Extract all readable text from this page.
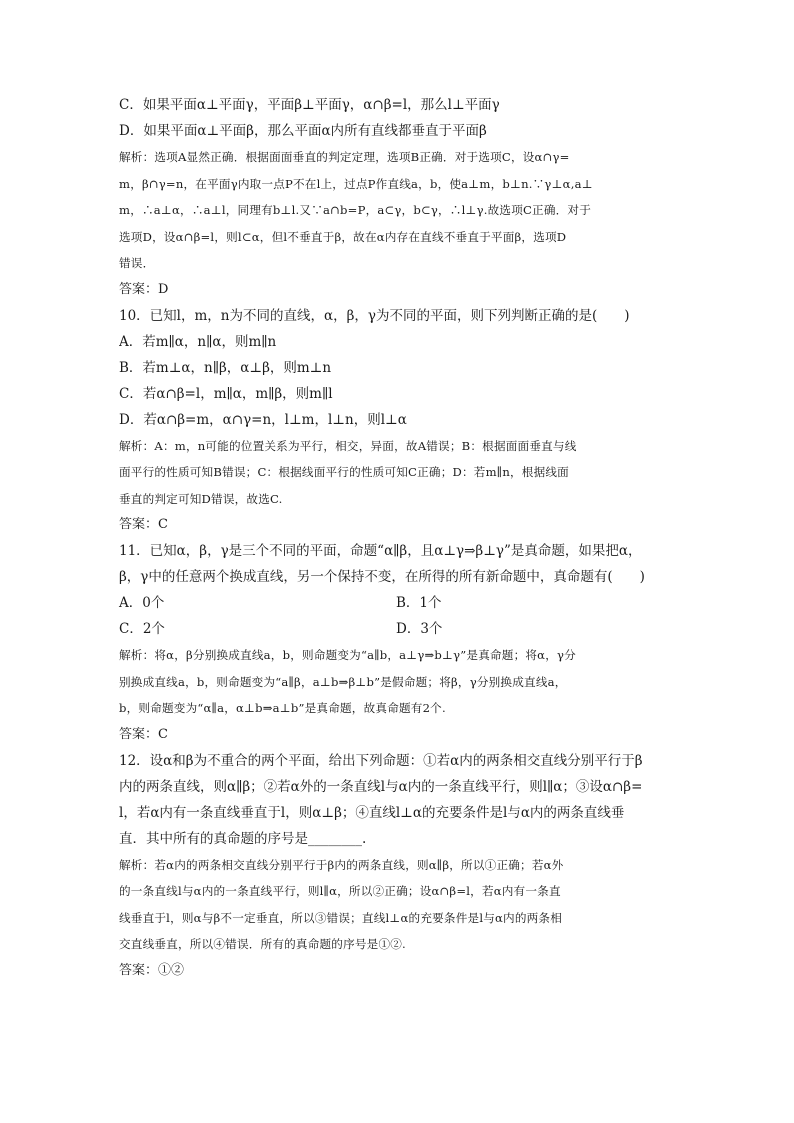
C．如果平面α⊥平面γ，平面β⊥平面γ，α∩β=l，那么l⊥平面γ
D．如果平面α⊥平面β，那么平面α内所有直线都垂直于平面β
解析：选项A显然正确．根据面面垂直的判定定理，选项B正确．对于选项C，设α∩γ=
m，β∩γ=n，在平面γ内取一点P不在l上，过点P作直线a，b，使a⊥m，b⊥n.∵γ⊥α,a⊥
m，∴a⊥α，∴a⊥l，同理有b⊥l.又∵a∩b=P，a⊂γ，b⊂γ，∴l⊥γ.故选项C正确．对于
选项D，设α∩β=l，则l⊂α，但l不垂直于β，故在α内存在直线不垂直于平面β，选项D
错误．
答案：D
10．已知l，m，n为不同的直线，α，β，γ为不同的平面，则下列判断正确的是(　　)
A．若m∥α，n∥α，则m∥n
B．若m⊥α，n∥β，α⊥β，则m⊥n
C．若α∩β=l，m∥α，m∥β，则m∥l
D．若α∩β=m，α∩γ=n，l⊥m，l⊥n，则l⊥α
解析：A：m，n可能的位置关系为平行，相交，异面，故A错误；B：根据面面垂直与线
面平行的性质可知B错误；C：根据线面平行的性质可知C正确；D：若m∥n，根据线面
垂直的判定可知D错误，故选C.
答案：C
11．已知α，β，γ是三个不同的平面，命题“α∥β，且α⊥γ⇒β⊥γ”是真命题，如果把α，
β，γ中的任意两个换成直线，另一个保持不变，在所得的所有新命题中，真命题有(　　)
A．0个	B．1个
C．2个	D．3个
解析：将α，β分别换成直线a，b，则命题变为“a∥b，a⊥γ⇒b⊥γ”是真命题；将α，γ分
别换成直线a，b，则命题变为“a∥β，a⊥b⇒β⊥b”是假命题；将β，γ分别换成直线a，
b，则命题变为“α∥a，α⊥b⇒a⊥b”是真命题，故真命题有2个.
答案：C
12．设α和β为不重合的两个平面，给出下列命题：①若α内的两条相交直线分别平行于β
内的两条直线，则α∥β；②若α外的一条直线l与α内的一条直线平行，则l∥α；③设α∩β=
l，若α内有一条直线垂直于l，则α⊥β；④直线l⊥α的充要条件是l与α内的两条直线垂
直．其中所有的真命题的序号是________.
解析：若α内的两条相交直线分别平行于β内的两条直线，则α∥β，所以①正确；若α外
的一条直线l与α内的一条直线平行，则l∥α，所以②正确；设α∩β=l，若α内有一条直
线垂直于l，则α与β不一定垂直，所以③错误；直线l⊥α的充要条件是l与α内的两条相
交直线垂直，所以④错误．所有的真命题的序号是①②.
答案：①②
